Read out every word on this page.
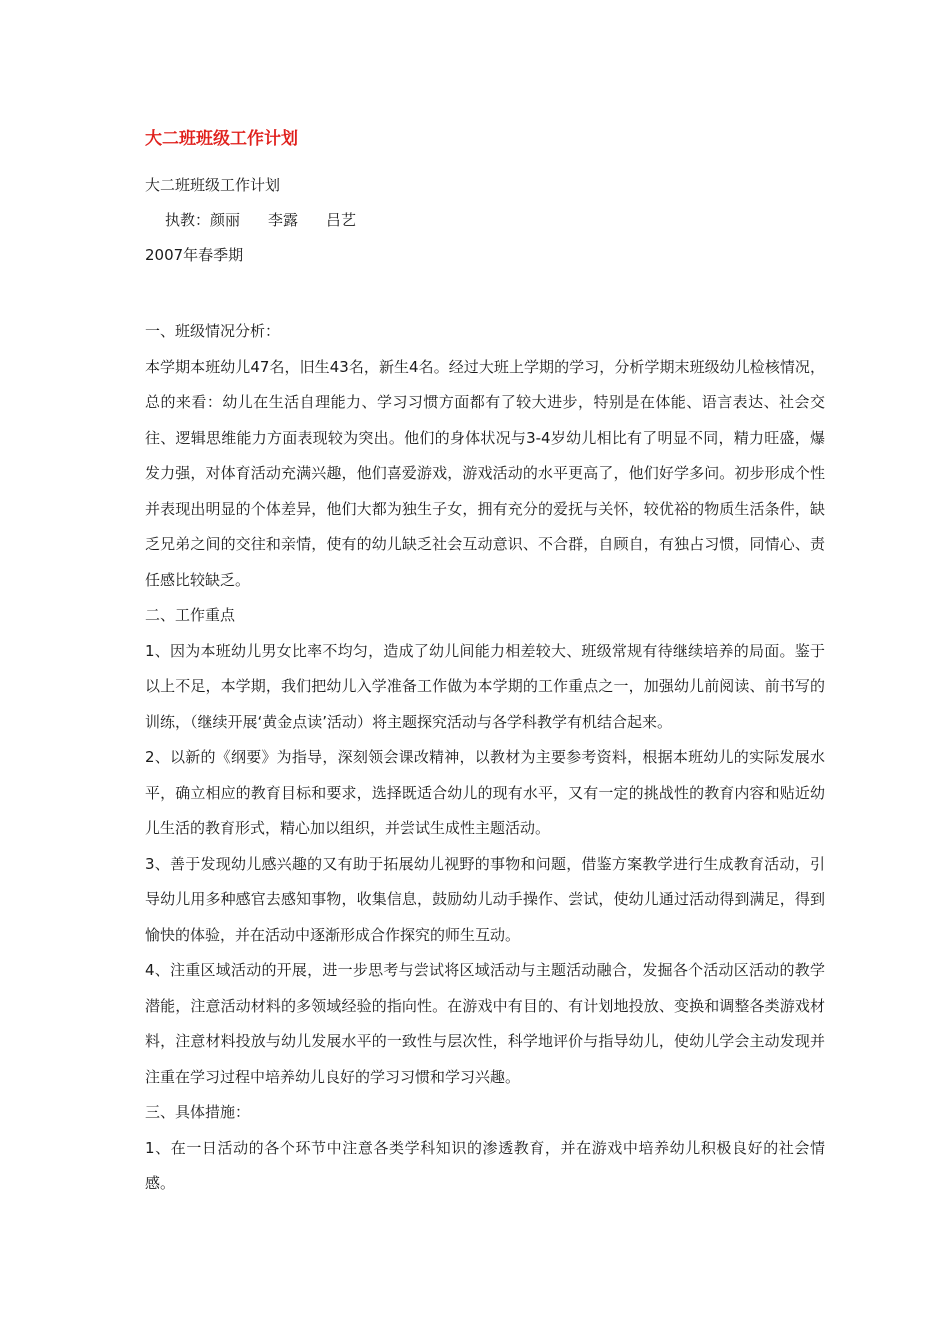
大二班班级工作计划
大二班班级工作计划
执教：颜丽 李露 吕艺
2007年春季期

一、班级情况分析：

本学期本班幼儿47名，旧生43名，新生4名。经过大班上学期的学习，分析学期末班级幼儿检核情况，总的来看：幼儿在生活自理能力、学习习惯方面都有了较大进步，特别是在体能、语言表达、社会交往、逻辑思维能力方面表现较为突出。他们的身体状况与3-4岁幼儿相比有了明显不同，精力旺盛，爆发力强，对体育活动充满兴趣，他们喜爱游戏，游戏活动的水平更高了，他们好学多问。初步形成个性并表现出明显的个体差异，他们大都为独生子女，拥有充分的爱抚与关怀，较优裕的物质生活条件，缺乏兄弟之间的交往和亲情，使有的幼儿缺乏社会互动意识、不合群，自顾自，有独占习惯，同情心、责任感比较缺乏。

二、工作重点

1、因为本班幼儿男女比率不均匀，造成了幼儿间能力相差较大、班级常规有待继续培养的局面。鉴于以上不足，本学期，我们把幼儿入学准备工作做为本学期的工作重点之一，加强幼儿前阅读、前书写的训练，（继续开展‘黄金点读’活动）将主题探究活动与各学科教学有机结合起来。

2、以新的《纲要》为指导，深刻领会课改精神，以教材为主要参考资料，根据本班幼儿的实际发展水平，确立相应的教育目标和要求，选择既适合幼儿的现有水平，又有一定的挑战性的教育内容和贴近幼儿生活的教育形式，精心加以组织，并尝试生成性主题活动。

3、善于发现幼儿感兴趣的又有助于拓展幼儿视野的事物和问题，借鉴方案教学进行生成教育活动，引导幼儿用多种感官去感知事物，收集信息，鼓励幼儿动手操作、尝试，使幼儿通过活动得到满足，得到愉快的体验，并在活动中逐渐形成合作探究的师生互动。

4、注重区域活动的开展，进一步思考与尝试将区域活动与主题活动融合，发掘各个活动区活动的教学潜能，注意活动材料的多领域经验的指向性。在游戏中有目的、有计划地投放、变换和调整各类游戏材料，注意材料投放与幼儿发展水平的一致性与层次性，科学地评价与指导幼儿，使幼儿学会主动发现并注重在学习过程中培养幼儿良好的学习习惯和学习兴趣。

三、具体措施：

1、在一日活动的各个环节中注意各类学科知识的渗透教育，并在游戏中培养幼儿积极良好的社会情感。
